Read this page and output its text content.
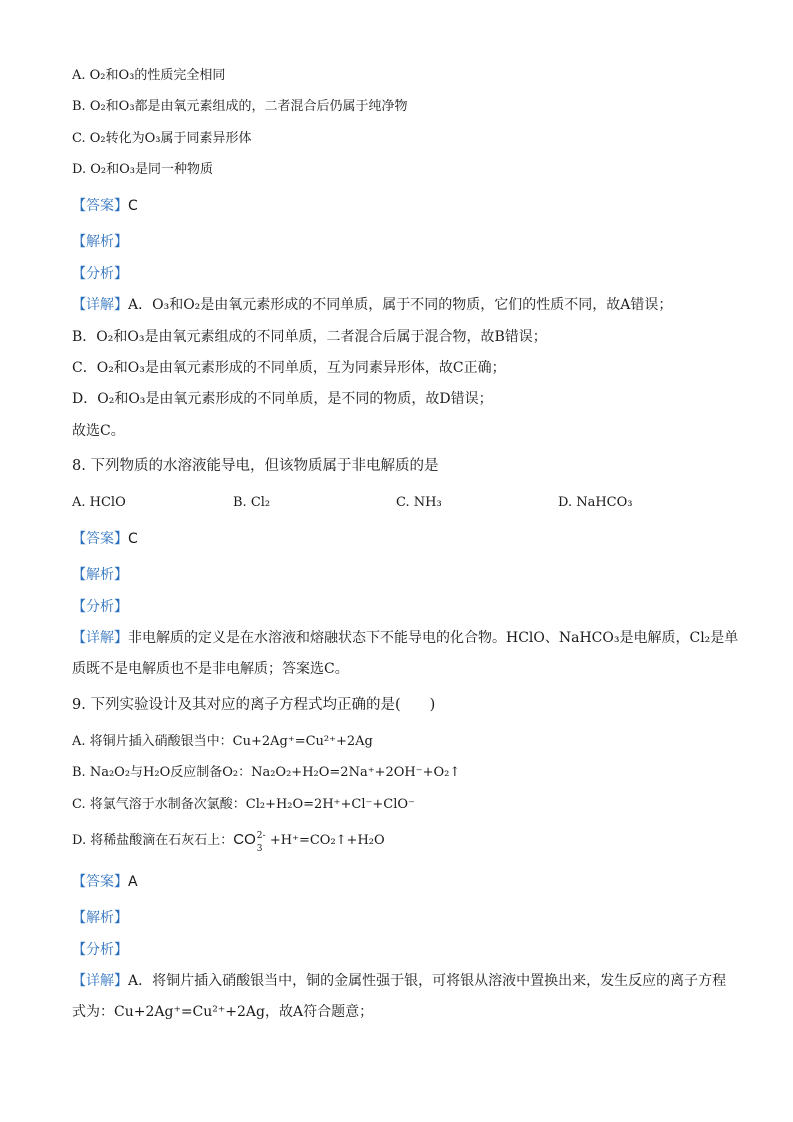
A. O₂和O₃的性质完全相同
B. O₂和O₃都是由氧元素组成的，二者混合后仍属于纯净物
C. O₂转化为O₃属于同素异形体
D. O₂和O₃是同一种物质
【答案】C
【解析】
【分析】
【详解】A．O₃和O₂是由氧元素形成的不同单质，属于不同的物质，它们的性质不同，故A错误；
B．O₂和O₃是由氧元素组成的不同单质，二者混合后属于混合物，故B错误；
C．O₂和O₃是由氧元素形成的不同单质，互为同素异形体，故C正确；
D．O₂和O₃是由氧元素形成的不同单质，是不同的物质，故D错误；
故选C。
8. 下列物质的水溶液能导电，但该物质属于非电解质的是
A. HClO	B. Cl₂	C. NH₃	D. NaHCO₃
【答案】C
【解析】
【分析】
【详解】非电解质的定义是在水溶液和熔融状态下不能导电的化合物。HClO、NaHCO₃是电解质，Cl₂是单
质既不是电解质也不是非电解质；答案选C。
9. 下列实验设计及其对应的离子方程式均正确的是(　　)
A. 将铜片插入硝酸银当中：Cu+2Ag⁺=Cu²⁺+2Ag
B. Na₂O₂与H₂O反应制备O₂：Na₂O₂+H₂O=2Na⁺+2OH⁻+O₂↑
C. 将氯气溶于水制备次氯酸：Cl₂+H₂O=2H⁺+Cl⁻+ClO⁻
D. 将稀盐酸滴在石灰石上：CO 2-
3
+H⁺=CO₂↑+H₂O
【答案】A
【解析】
【分析】
【详解】A．将铜片插入硝酸银当中，铜的金属性强于银，可将银从溶液中置换出来，发生反应的离子方程
式为：Cu+2Ag⁺=Cu²⁺+2Ag，故A符合题意；
